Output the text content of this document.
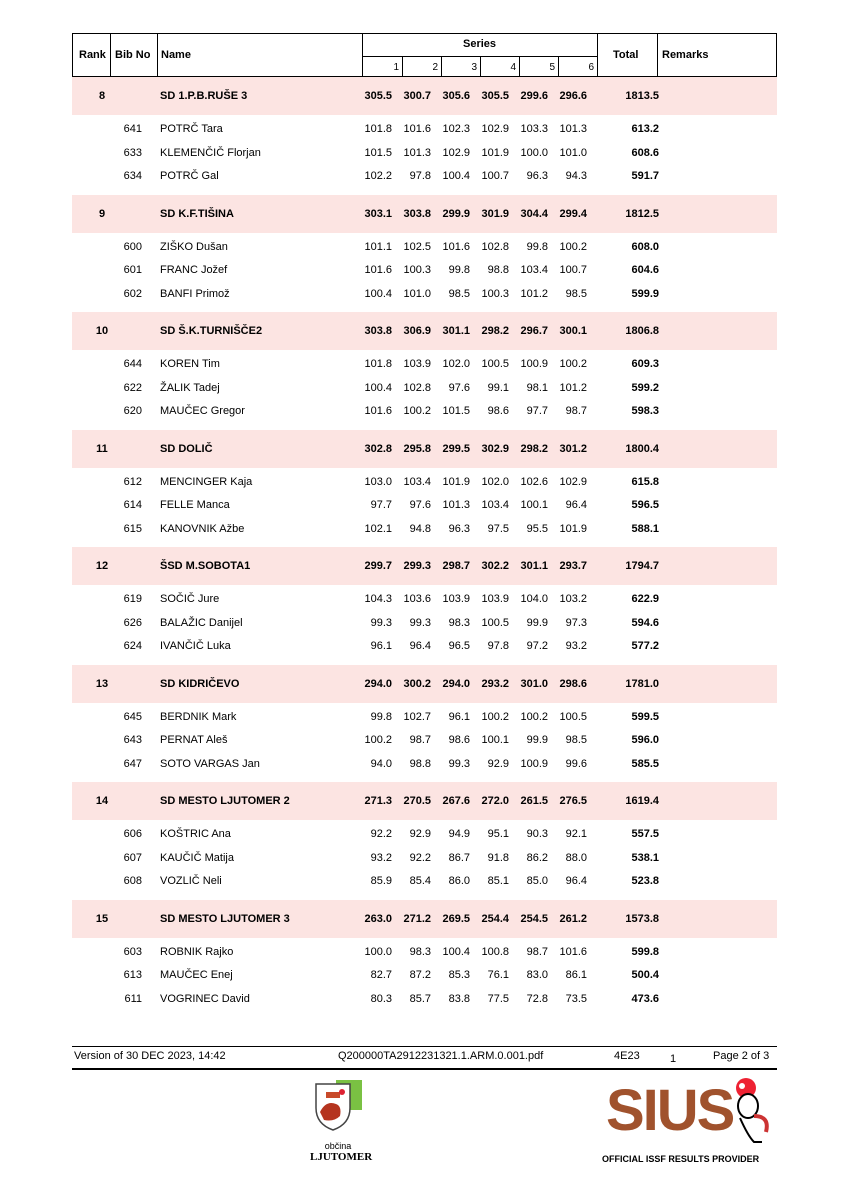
Rank Bib No Name
Series
1	2	3	4	5	6
Total Remarks
8	SD 1.P.B.RUŠE 3	305.5 300.7 305.6 305.5 299.6 296.6	1813.5
641 POTRČ Tara	101.8 101.6 102.3 102.9 103.3 101.3	613.2
633 KLEMENČIČ Florjan	101.5 101.3 102.9 101.9 100.0 101.0	608.6
634 POTRČ Gal	102.2	97.8 100.4 100.7	96.3	94.3	591.7
9	SD K.F.TIŠINA	303.1 303.8 299.9 301.9 304.4 299.4	1812.5
600 ZIŠKO Dušan	101.1 102.5 101.6 102.8	99.8 100.2	608.0
601 FRANC Jožef	101.6 100.3	99.8	98.8 103.4 100.7	604.6
602 BANFI Primož	100.4 101.0	98.5 100.3 101.2	98.5	599.9
10	SD Š.K.TURNIŠČE2	303.8 306.9 301.1 298.2 296.7 300.1	1806.8
644 KOREN Tim	101.8 103.9 102.0 100.5 100.9 100.2	609.3
622 ŽALIK Tadej	100.4 102.8	97.6	99.1	98.1 101.2	599.2
620 MAUČEC Gregor	101.6 100.2 101.5	98.6	97.7	98.7	598.3
11	SD DOLIČ	302.8 295.8 299.5 302.9 298.2 301.2	1800.4
612 MENCINGER Kaja	103.0 103.4 101.9 102.0 102.6 102.9	615.8
614 FELLE Manca	97.7	97.6 101.3 103.4 100.1	96.4	596.5
615 KANOVNIK Ažbe	102.1	94.8	96.3	97.5	95.5 101.9	588.1
12	ŠSD M.SOBOTA1	299.7 299.3 298.7 302.2 301.1 293.7	1794.7
619 SOČIČ Jure	104.3 103.6 103.9 103.9 104.0 103.2	622.9
626 BALAŽIC Danijel	99.3	99.3	98.3 100.5	99.9	97.3	594.6
624 IVANČIČ Luka	96.1	96.4	96.5	97.8	97.2	93.2	577.2
13	SD KIDRIČEVO	294.0 300.2 294.0 293.2 301.0 298.6	1781.0
645 BERDNIK Mark	99.8 102.7	96.1 100.2 100.2 100.5	599.5
643 PERNAT Aleš	100.2	98.7	98.6 100.1	99.9	98.5	596.0
647 SOTO VARGAS Jan	94.0	98.8	99.3	92.9 100.9	99.6	585.5
14	SD MESTO LJUTOMER 2	271.3 270.5 267.6 272.0 261.5 276.5	1619.4
606 KOŠTRIC Ana	92.2	92.9	94.9	95.1	90.3	92.1	557.5
607 KAUČIČ Matija	93.2	92.2	86.7	91.8	86.2	88.0	538.1
608 VOZLIČ Neli	85.9	85.4	86.0	85.1	85.0	96.4	523.8
15	SD MESTO LJUTOMER 3	263.0 271.2 269.5 254.4 254.5 261.2	1573.8
603 ROBNIK Rajko	100.0	98.3 100.4 100.8	98.7 101.6	599.8
613 MAUČEC Enej	82.7	87.2	85.3	76.1	83.0	86.1	500.4
611 VOGRINEC David	80.3	85.7	83.8	77.5	72.8	73.5	473.6
Version of 30 DEC 2023, 14:42	Q200000TA2912231321.1.ARM.0.001.pdf	4E23	1	Page 2 of 3
občina
LJUTOMER
SIUS
OFFICIAL ISSF RESULTS PROVIDER
